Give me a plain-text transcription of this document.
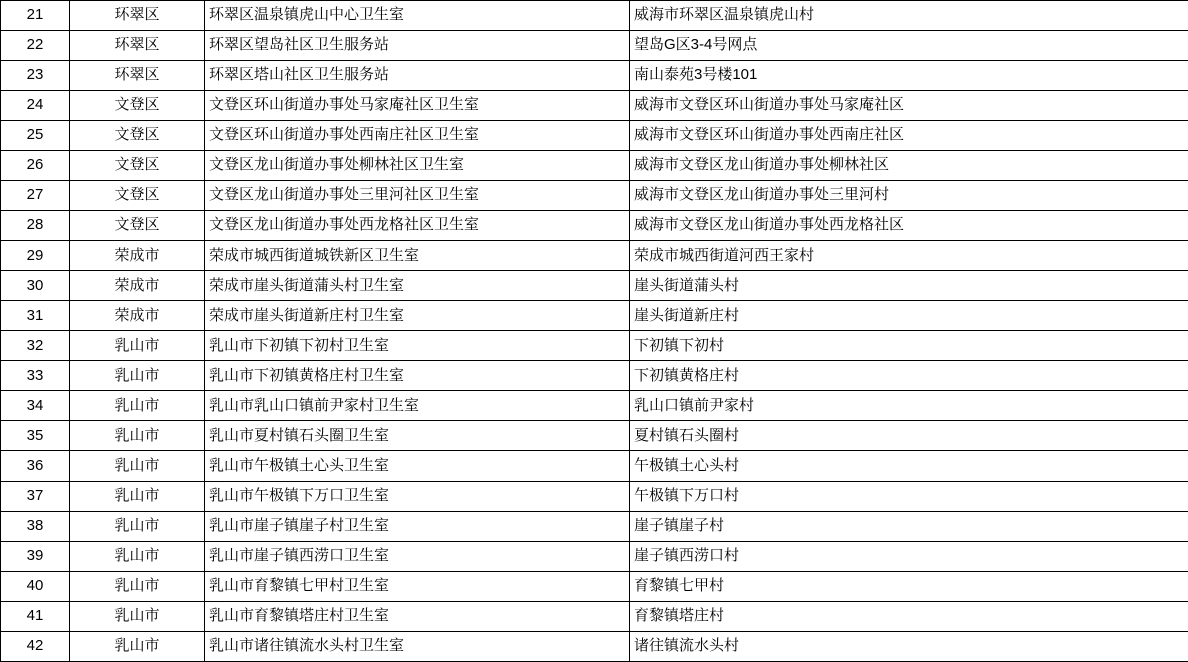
21	环翠区	环翠区温泉镇虎山中心卫生室	威海市环翠区温泉镇虎山村
22	环翠区	环翠区望岛社区卫生服务站	望岛G区3-4号网点
23	环翠区	环翠区塔山社区卫生服务站	南山泰苑3号楼101
24	文登区	文登区环山街道办事处马家庵社区卫生室	威海市文登区环山街道办事处马家庵社区
25	文登区	文登区环山街道办事处西南庄社区卫生室	威海市文登区环山街道办事处西南庄社区
26	文登区	文登区龙山街道办事处柳林社区卫生室	威海市文登区龙山街道办事处柳林社区
27	文登区	文登区龙山街道办事处三里河社区卫生室	威海市文登区龙山街道办事处三里河村
28	文登区	文登区龙山街道办事处西龙格社区卫生室	威海市文登区龙山街道办事处西龙格社区
29	荣成市	荣成市城西街道城铁新区卫生室	荣成市城西街道河西王家村
30	荣成市	荣成市崖头街道蒲头村卫生室	崖头街道蒲头村
31	荣成市	荣成市崖头街道新庄村卫生室	崖头街道新庄村
32	乳山市	乳山市下初镇下初村卫生室	下初镇下初村
33	乳山市	乳山市下初镇黄格庄村卫生室	下初镇黄格庄村
34	乳山市	乳山市乳山口镇前尹家村卫生室	乳山口镇前尹家村
35	乳山市	乳山市夏村镇石头圈卫生室	夏村镇石头圈村
36	乳山市	乳山市午极镇土心头卫生室	午极镇土心头村
37	乳山市	乳山市午极镇下万口卫生室	午极镇下万口村
38	乳山市	乳山市崖子镇崖子村卫生室	崖子镇崖子村
39	乳山市	乳山市崖子镇西涝口卫生室	崖子镇西涝口村
40	乳山市	乳山市育黎镇七甲村卫生室	育黎镇七甲村
41	乳山市	乳山市育黎镇塔庄村卫生室	育黎镇塔庄村
42	乳山市	乳山市诸往镇流水头村卫生室	诸往镇流水头村
